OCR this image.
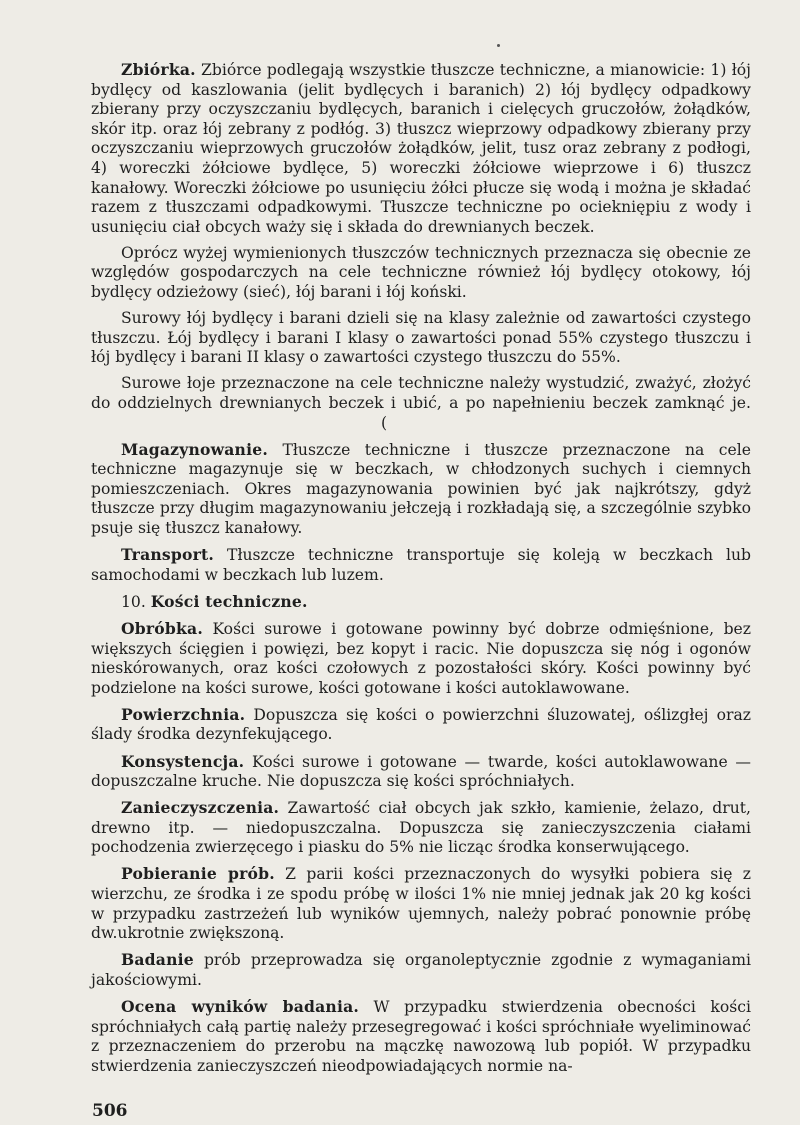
Zbiórka. Zbiórce podlegają wszystkie tłuszcze techniczne, a mianowicie: 1) łój bydlęcy od kaszlowania (jelit bydlęcych i baranich) 2) łój bydlęcy odpadkowy zbierany przy oczyszczaniu bydlęcych, baranich i cielęcych gruczołów, żołądków, skór itp. oraz łój zebrany z podłóg. 3) tłuszcz wieprzowy odpadkowy zbierany przy oczyszczaniu wieprzowych gruczołów żołądków, jelit, tusz oraz zebrany z podłogi, 4) woreczki żółciowe bydlęce, 5) woreczki żółciowe wieprzowe i 6) tłuszcz kanałowy. Woreczki żółciowe po usunięciu żółci płucze się wodą i można je składać razem z tłuszczami odpadkowymi. Tłuszcze techniczne po ociekniępiu z wody i usunięciu ciał obcych waży się i składa do drewnianych beczek.

Oprócz wyżej wymienionych tłuszczów technicznych przeznacza się obecnie ze względów gospodarczych na cele techniczne również łój bydlęcy otokowy, łój bydlęcy odzieżowy (sieć), łój barani i łój koński.

Surowy łój bydlęcy i barani dzieli się na klasy zależnie od zawartości czystego tłuszczu. Łój bydlęcy i barani I klasy o zawartości ponad 55% czystego tłuszczu i łój bydlęcy i barani II klasy o zawartości czystego tłuszczu do 55%.

Surowe łoje przeznaczone na cele techniczne należy wystudzić, zważyć, złożyć do oddzielnych drewnianych beczek i ubić, a po napełnieniu beczek zamknąć je.(

Magazynowanie. Tłuszcze techniczne i tłuszcze przeznaczone na cele techniczne magazynuje się w beczkach, w chłodzonych suchych i ciemnych pomieszczeniach. Okres magazynowania powinien być jak najkrótszy, gdyż tłuszcze przy długim magazynowaniu jełczeją i rozkładają się, a szczególnie szybko psuje się tłuszcz kanałowy.

Transport. Tłuszcze techniczne transportuje się koleją w beczkach lub samochodami w beczkach lub luzem.

10. Kości techniczne.

Obróbka. Kości surowe i gotowane powinny być dobrze odmięśnione, bez większych ścięgien i powięzi, bez kopyt i racic. Nie dopuszcza się nóg i ogonów nieskórowanych, oraz kości czołowych z pozostałości skóry. Kości powinny być podzielone na kości surowe, kości gotowane i kości autoklawowane.

Powierzchnia. Dopuszcza się kości o powierzchni śluzowatej, oślizgłej oraz ślady środka dezynfekującego.

Konsystencja. Kości surowe i gotowane — twarde, kości autoklawowane — dopuszczalne kruche. Nie dopuszcza się kości spróchniałych.

Zanieczyszczenia. Zawartość ciał obcych jak szkło, kamienie, żelazo, drut, drewno itp. — niedopuszczalna. Dopuszcza się zanieczyszczenia ciałami pochodzenia zwierzęcego i piasku do 5% nie licząc środka konserwującego.

Pobieranie prób. Z parii kości przeznaczonych do wysyłki pobiera się z wierzchu, ze środka i ze spodu próbę w ilości 1% nie mniej jednak jak 20 kg kości w przypadku zastrzeżeń lub wyników ujemnych, należy pobrać ponownie próbę dw.ukrotnie zwiększoną.

Badanie prób przeprowadza się organoleptycznie zgodnie z wymaganiami jakościowymi.

Ocena wyników badania. W przypadku stwierdzenia obecności kości spróchniałych całą partię należy przesegregować i kości spróchniałe wyeliminować z przeznaczeniem do przerobu na mączkę nawozową lub popiół. W przypadku stwierdzenia zanieczyszczeń nieodpowiadających normie na-

506
